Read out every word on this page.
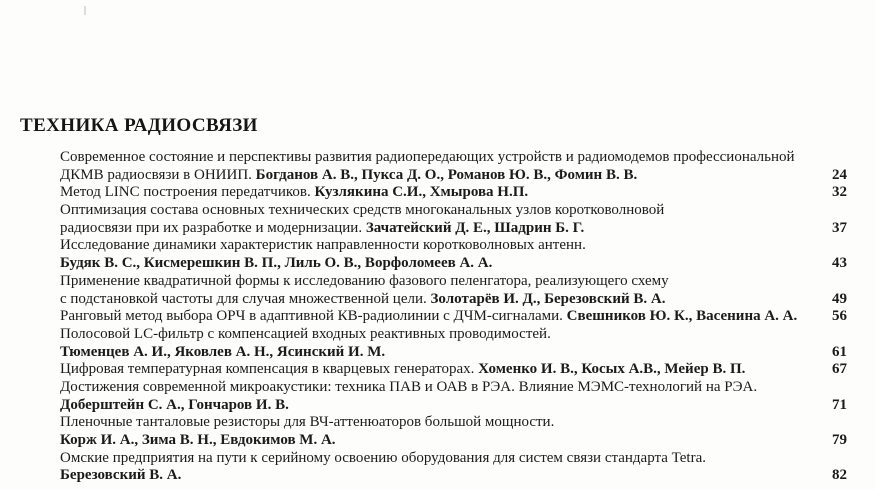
ТЕХНИКА РАДИОСВЯЗИ
Современное состояние и перспективы развития радиопередающих устройств и радиомодемов профессиональной
ДКМВ радиосвязи в ОНИИП. Богданов А. В., Пукса Д. О., Романов Ю. В., Фомин В. В.	24
Метод LINC построения передатчиков. Кузлякина С.И., Хмырова Н.П.	32
Оптимизация состава основных технических средств многоканальных узлов коротковолновой
радиосвязи при их разработке и модернизации. Зачатейский Д. Е., Шадрин Б. Г.	37
Исследование динамики характеристик направленности коротковолновых антенн.
Будяк В. С., Кисмерешкин В. П., Лиль О. В., Ворфоломеев А. А.	43
Применение квадратичной формы к исследованию фазового пеленгатора, реализующего схему
с подстановкой частоты для случая множественной цели. Золотарёв И. Д., Березовский В. А.	49
Ранговый метод выбора ОРЧ в адаптивной КВ-радиолинии с ДЧМ-сигналами. Свешников Ю. К., Васенина А. А. 56
Полосовой LC-фильтр с компенсацией входных реактивных проводимостей.
Тюменцев А. И., Яковлев А. Н., Ясинский И. М.	61
Цифровая температурная компенсация в кварцевых генераторах. Хоменко И. В., Косых А.В., Мейер В. П.	67
Достижения современной микроакустики: техника ПАВ и ОАВ в РЭА. Влияние МЭМС-технологий на РЭА.
Доберштейн С. А., Гончаров И. В.	71
Пленочные танталовые резисторы для ВЧ-аттенюаторов большой мощности.
Корж И. А., Зима В. Н., Евдокимов М. А.	79
Омские предприятия на пути к серийному освоению оборудования для систем связи стандарта Tetra.
Березовский В. А.	82
